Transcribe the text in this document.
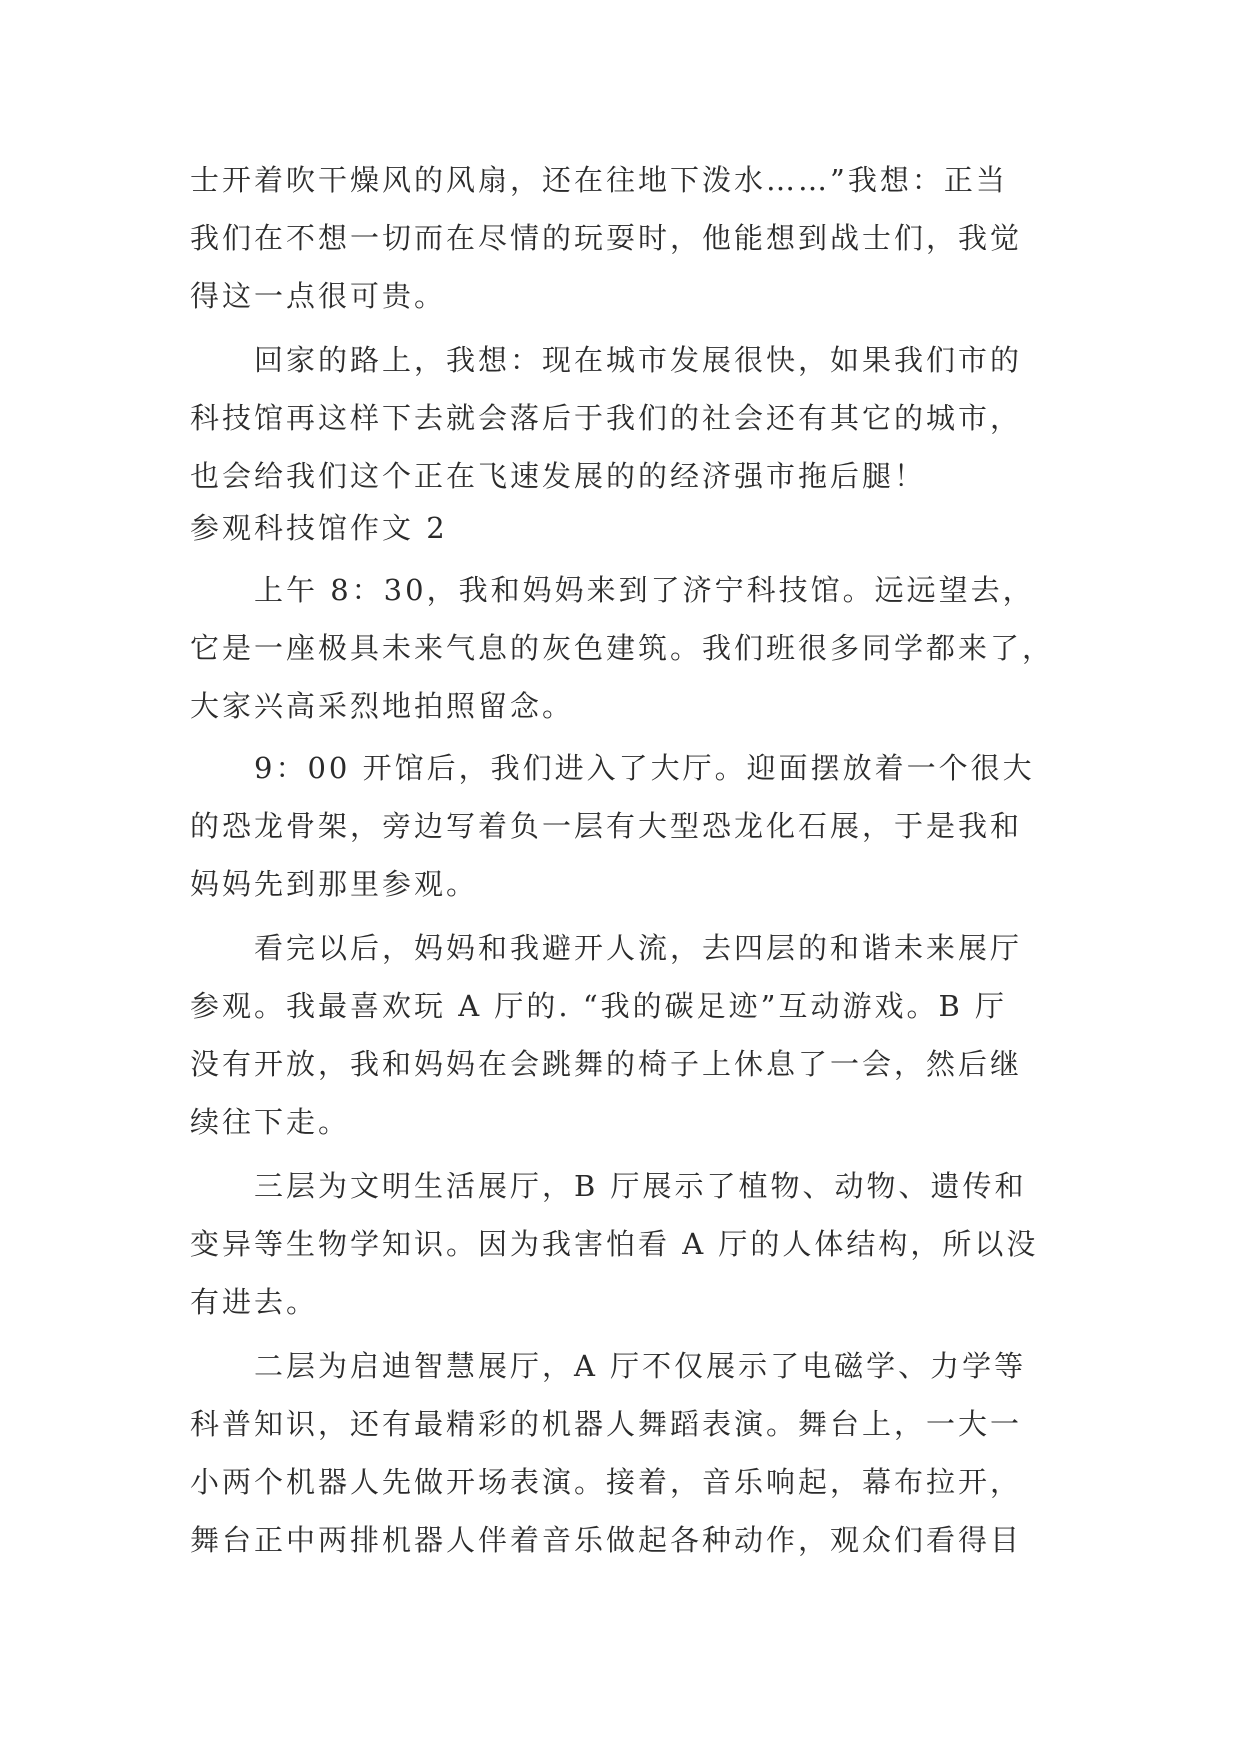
士开着吹干燥风的风扇，还在往地下泼水……”我想：正当
我们在不想一切而在尽情的玩耍时，他能想到战士们，我觉
得这一点很可贵。
回家的路上，我想：现在城市发展很快，如果我们市的
科技馆再这样下去就会落后于我们的社会还有其它的城市，
也会给我们这个正在飞速发展的的经济强市拖后腿！
参观科技馆作文 2
上午 8：30，我和妈妈来到了济宁科技馆。远远望去，
它是一座极具未来气息的灰色建筑。我们班很多同学都来了，
大家兴高采烈地拍照留念。
9：00 开馆后，我们进入了大厅。迎面摆放着一个很大
的恐龙骨架，旁边写着负一层有大型恐龙化石展，于是我和
妈妈先到那里参观。
看完以后，妈妈和我避开人流，去四层的和谐未来展厅
参观。我最喜欢玩 A 厅的. “我的碳足迹”互动游戏。B 厅
没有开放，我和妈妈在会跳舞的椅子上休息了一会，然后继
续往下走。
三层为文明生活展厅，B 厅展示了植物、动物、遗传和
变异等生物学知识。因为我害怕看 A 厅的人体结构，所以没
有进去。
二层为启迪智慧展厅，A 厅不仅展示了电磁学、力学等
科普知识，还有最精彩的机器人舞蹈表演。舞台上，一大一
小两个机器人先做开场表演。接着，音乐响起，幕布拉开，
舞台正中两排机器人伴着音乐做起各种动作，观众们看得目
